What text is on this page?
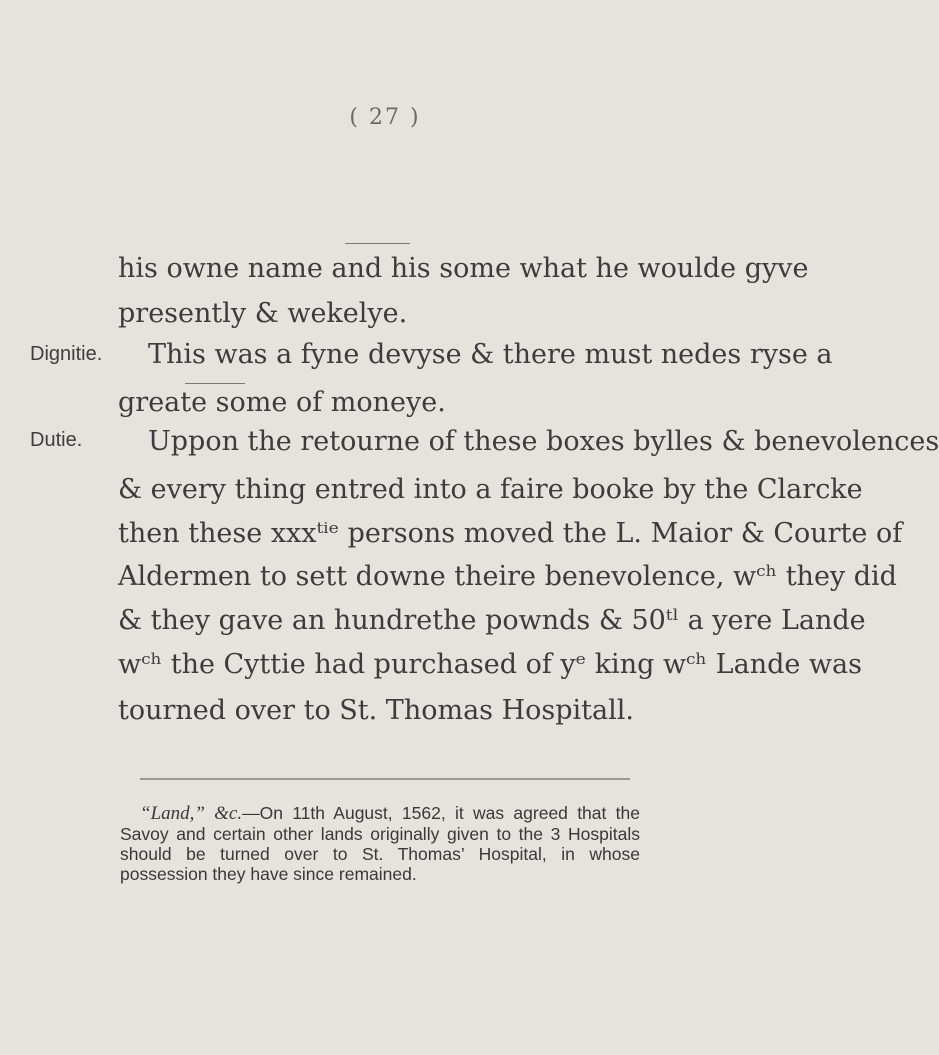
( 27 )
Dignitie.
Dutie.
his owne name and his some what he woulde gyve
presently & wekelye.
This was a fyne devyse & there must nedes ryse a
greate some of moneye.
Uppon the retourne of these boxes bylles & benevolences
& every thing entred into a faire booke by the Clarcke
then these xxxᵗⁱᵉ persons moved the L. Maior & Courte of
Aldermen to sett downe theire benevolence, wᶜʰ they did
& they gave an hundrethe pownds & 50ᵗˡ a yere Lande
wᶜʰ the Cyttie had purchased of yᵉ king wᶜʰ Lande was
tourned over to St. Thomas Hospitall.
“Land,” &c.—On 11th August, 1562, it was agreed that the Savoy and certain other lands originally given to the 3 Hospitals should be turned over to St. Thomas’ Hospital, in whose possession they have since remained.
